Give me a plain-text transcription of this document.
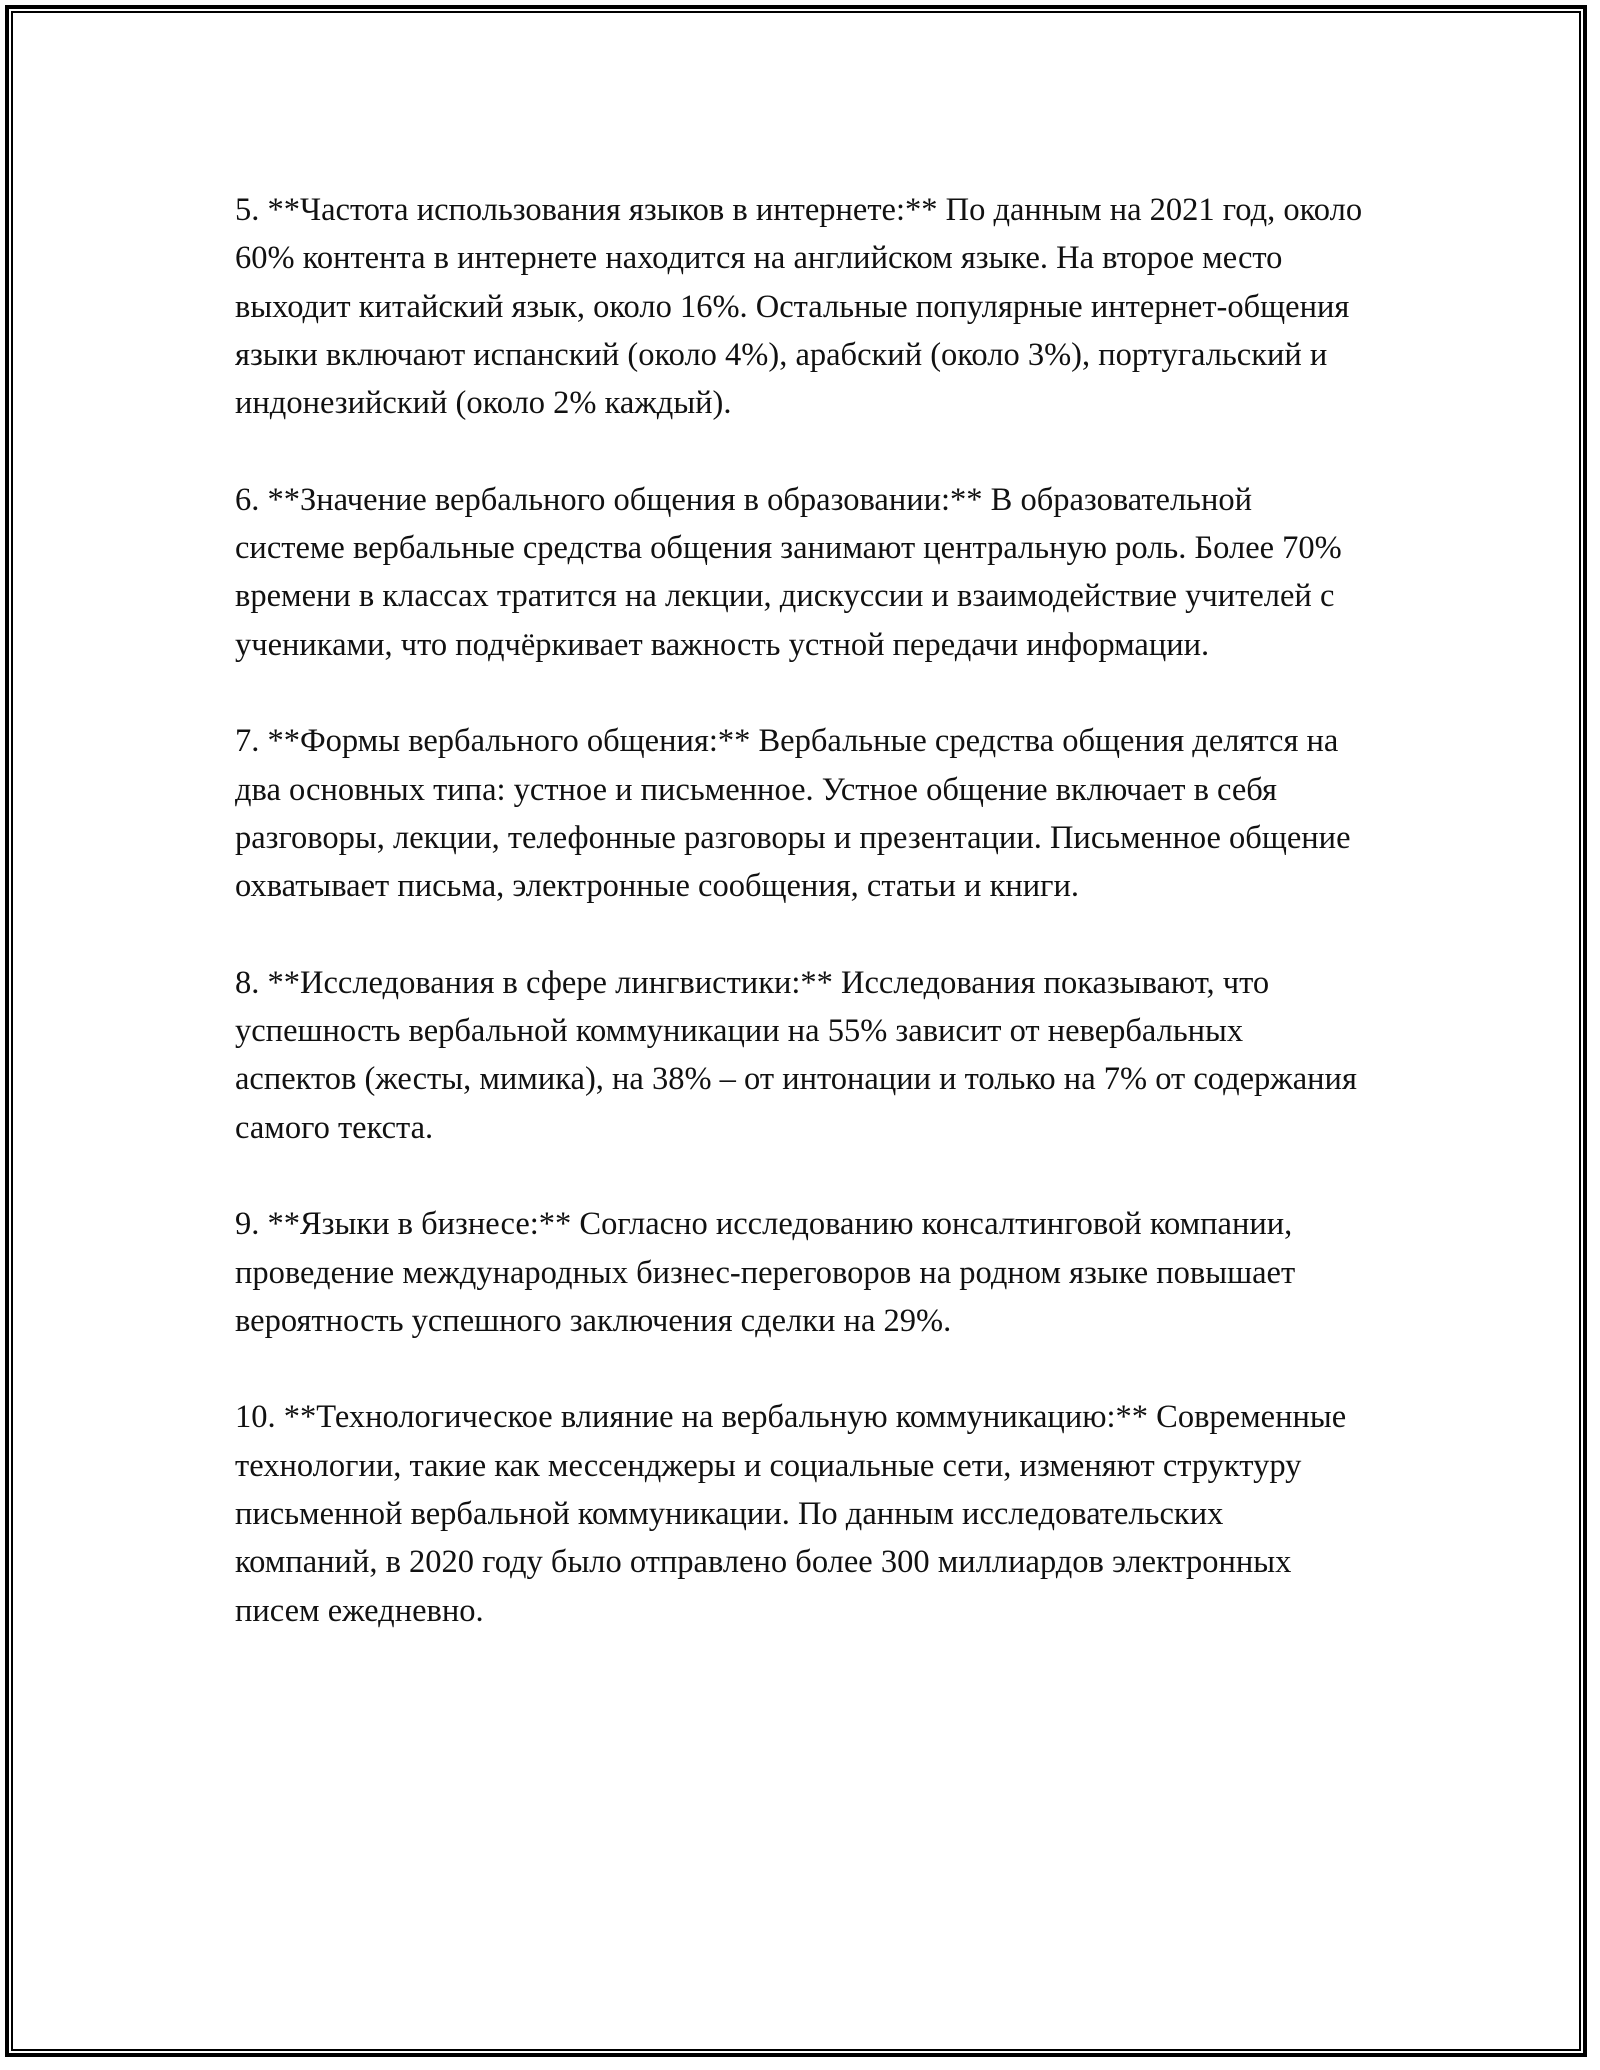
5. **Частота использования языков в интернете:** По данным на 2021 год, около 60% контента в интернете находится на английском языке. На второе место выходит китайский язык, около 16%. Остальные популярные интернет-общения языки включают испанский (около 4%), арабский (около 3%), португальский и индонезийский (около 2% каждый).

6. **Значение вербального общения в образовании:** В образовательной системе вербальные средства общения занимают центральную роль. Более 70% времени в классах тратится на лекции, дискуссии и взаимодействие учителей с учениками, что подчёркивает важность устной передачи информации.

7. **Формы вербального общения:** Вербальные средства общения делятся на два основных типа: устное и письменное. Устное общение включает в себя разговоры, лекции, телефонные разговоры и презентации. Письменное общение охватывает письма, электронные сообщения, статьи и книги.

8. **Исследования в сфере лингвистики:** Исследования показывают, что успешность вербальной коммуникации на 55% зависит от невербальных аспектов (жесты, мимика), на 38% – от интонации и только на 7% от содержания самого текста.

9. **Языки в бизнесе:** Согласно исследованию консалтинговой компании, проведение международных бизнес-переговоров на родном языке повышает вероятность успешного заключения сделки на 29%.

10. **Технологическое влияние на вербальную коммуникацию:** Современные технологии, такие как мессенджеры и социальные сети, изменяют структуру письменной вербальной коммуникации. По данным исследовательских компаний, в 2020 году было отправлено более 300 миллиардов электронных писем ежедневно.
